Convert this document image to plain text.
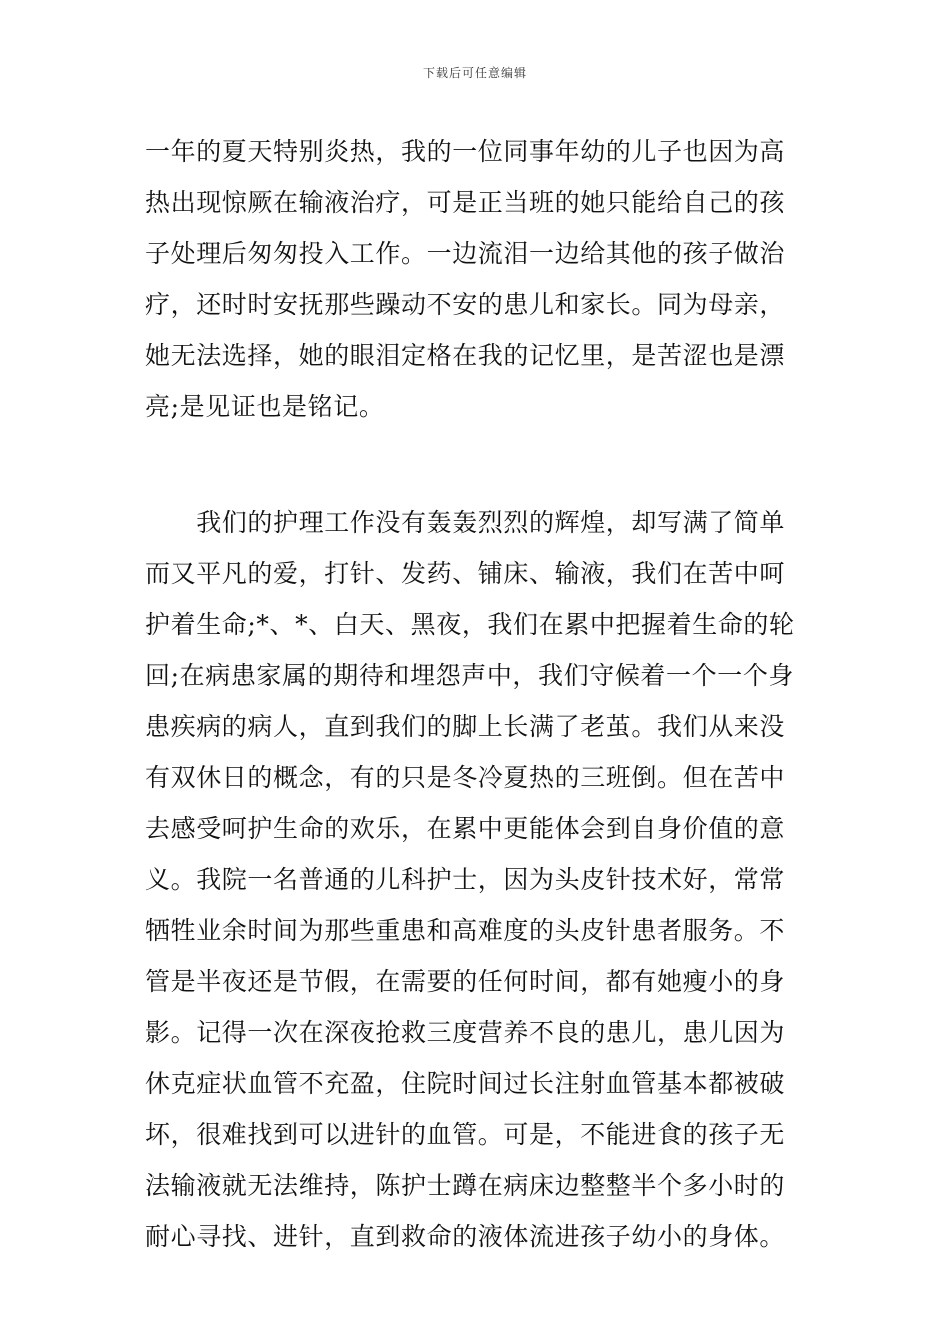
下载后可任意编辑
一年的夏天特别炎热，我的一位同事年幼的儿子也因为高
热出现惊厥在输液治疗，可是正当班的她只能给自己的孩
子处理后匆匆投入工作。一边流泪一边给其他的孩子做治
疗，还时时安抚那些躁动不安的患儿和家长。同为母亲，
她无法选择，她的眼泪定格在我的记忆里，是苦涩也是漂
亮;是见证也是铭记。
　　我们的护理工作没有轰轰烈烈的辉煌，却写满了简单
而又平凡的爱，打针、发药、铺床、输液，我们在苦中呵
护着生命;*、*、白天、黑夜，我们在累中把握着生命的轮
回;在病患家属的期待和埋怨声中，我们守候着一个一个身
患疾病的病人，直到我们的脚上长满了老茧。我们从来没
有双休日的概念，有的只是冬冷夏热的三班倒。但在苦中
去感受呵护生命的欢乐，在累中更能体会到自身价值的意
义。我院一名普通的儿科护士，因为头皮针技术好，常常
牺牲业余时间为那些重患和高难度的头皮针患者服务。不
管是半夜还是节假，在需要的任何时间，都有她瘦小的身
影。记得一次在深夜抢救三度营养不良的患儿，患儿因为
休克症状血管不充盈，住院时间过长注射血管基本都被破
坏，很难找到可以进针的血管。可是，不能进食的孩子无
法输液就无法维持，陈护士蹲在病床边整整半个多小时的
耐心寻找、进针，直到救命的液体流进孩子幼小的身体。
